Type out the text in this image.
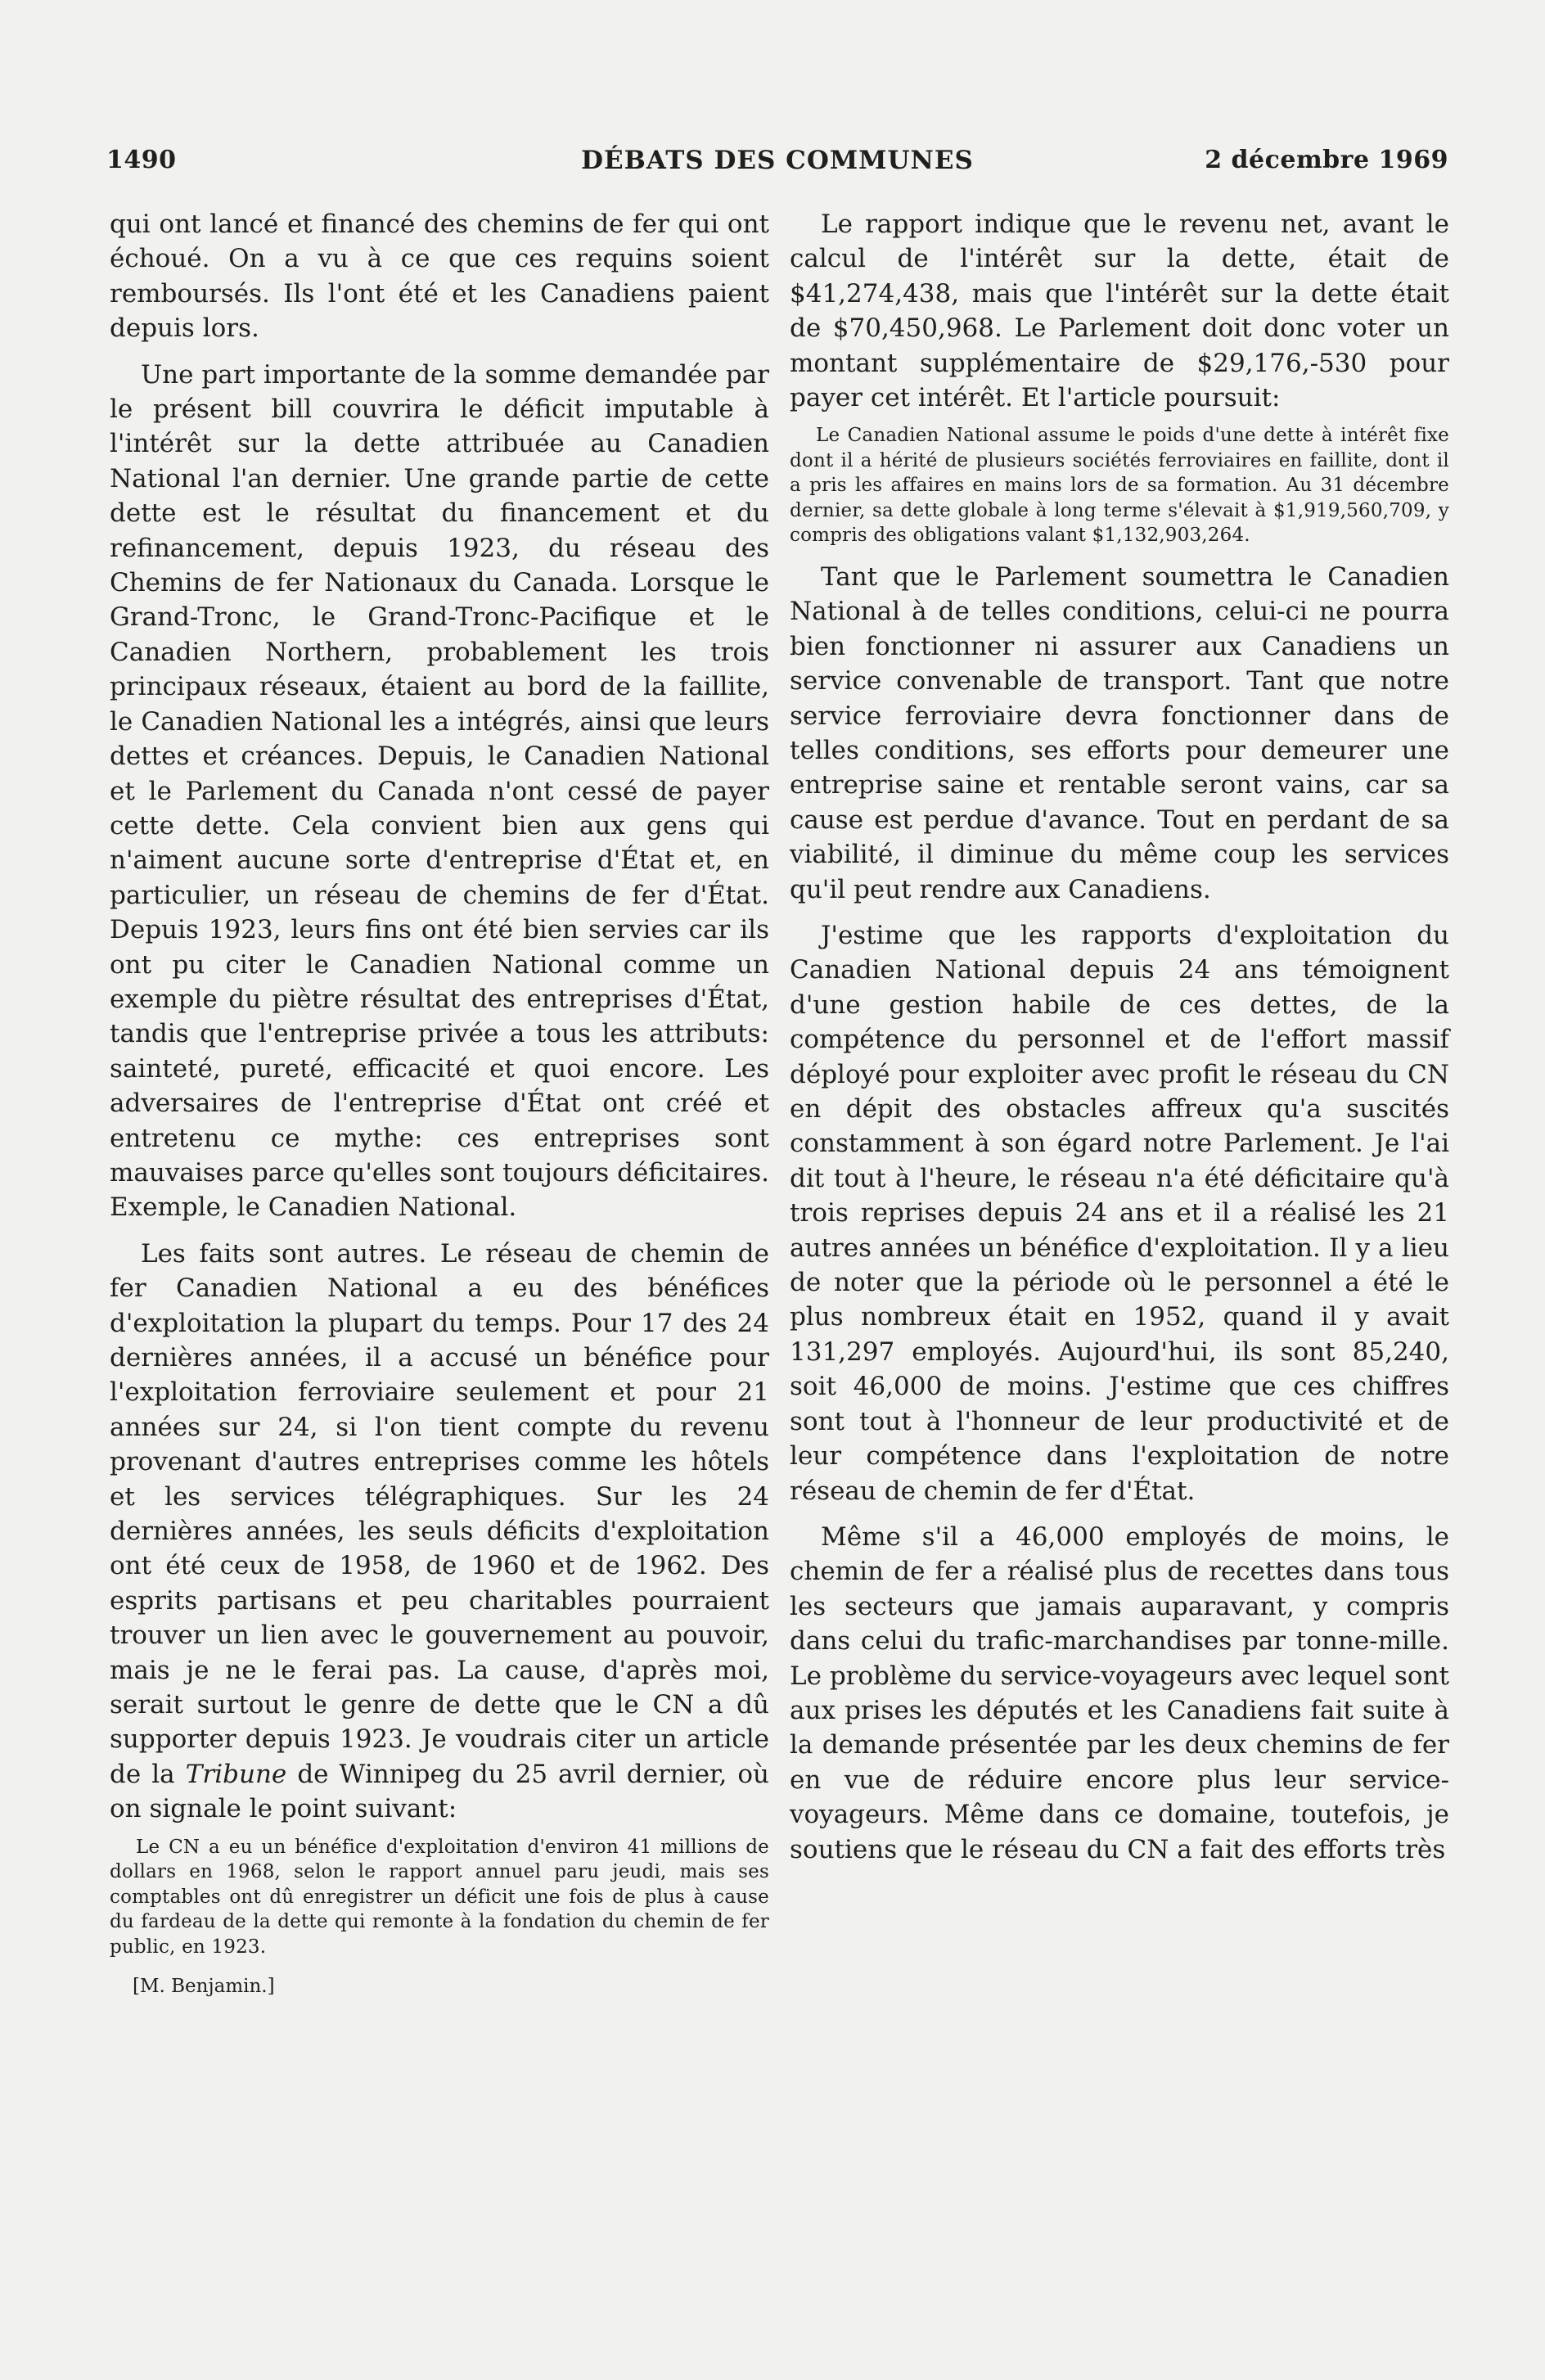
1490	DÉBATS DES COMMUNES	2 décembre 1969

qui ont lancé et financé des chemins de fer qui ont échoué. On a vu à ce que ces requins soient remboursés. Ils l'ont été et les Canadiens paient depuis lors.

Une part importante de la somme demandée par le présent bill couvrira le déficit imputable à l'intérêt sur la dette attribuée au Canadien National l'an dernier. Une grande partie de cette dette est le résultat du financement et du refinancement, depuis 1923, du réseau des Chemins de fer Nationaux du Canada. Lorsque le Grand-Tronc, le Grand-Tronc-Pacifique et le Canadien Northern, probablement les trois principaux réseaux, étaient au bord de la faillite, le Canadien National les a intégrés, ainsi que leurs dettes et créances. Depuis, le Canadien National et le Parlement du Canada n'ont cessé de payer cette dette. Cela convient bien aux gens qui n'aiment aucune sorte d'entreprise d'État et, en particulier, un réseau de chemins de fer d'État. Depuis 1923, leurs fins ont été bien servies car ils ont pu citer le Canadien National comme un exemple du piètre résultat des entreprises d'État, tandis que l'entreprise privée a tous les attributs: sainteté, pureté, efficacité et quoi encore. Les adversaires de l'entreprise d'État ont créé et entretenu ce mythe: ces entreprises sont mauvaises parce qu'elles sont toujours déficitaires. Exemple, le Canadien National.

Les faits sont autres. Le réseau de chemin de fer Canadien National a eu des bénéfices d'exploitation la plupart du temps. Pour 17 des 24 dernières années, il a accusé un bénéfice pour l'exploitation ferroviaire seulement et pour 21 années sur 24, si l'on tient compte du revenu provenant d'autres entreprises comme les hôtels et les services télégraphiques. Sur les 24 dernières années, les seuls déficits d'exploitation ont été ceux de 1958, de 1960 et de 1962. Des esprits partisans et peu charitables pourraient trouver un lien avec le gouvernement au pouvoir, mais je ne le ferai pas. La cause, d'après moi, serait surtout le genre de dette que le CN a dû supporter depuis 1923. Je voudrais citer un article de la Tribune de Winnipeg du 25 avril dernier, où on signale le point suivant:

Le CN a eu un bénéfice d'exploitation d'environ 41 millions de dollars en 1968, selon le rapport annuel paru jeudi, mais ses comptables ont dû enregistrer un déficit une fois de plus à cause du fardeau de la dette qui remonte à la fondation du chemin de fer public, en 1923.

[M. Benjamin.]

Le rapport indique que le revenu net, avant le calcul de l'intérêt sur la dette, était de $41,274,438, mais que l'intérêt sur la dette était de $70,450,968. Le Parlement doit donc voter un montant supplémentaire de $29,176,-530 pour payer cet intérêt. Et l'article poursuit:

Le Canadien National assume le poids d'une dette à intérêt fixe dont il a hérité de plusieurs sociétés ferroviaires en faillite, dont il a pris les affaires en mains lors de sa formation. Au 31 décembre dernier, sa dette globale à long terme s'élevait à $1,919,560,709, y compris des obligations valant $1,132,903,264.

Tant que le Parlement soumettra le Canadien National à de telles conditions, celui-ci ne pourra bien fonctionner ni assurer aux Canadiens un service convenable de transport. Tant que notre service ferroviaire devra fonctionner dans de telles conditions, ses efforts pour demeurer une entreprise saine et rentable seront vains, car sa cause est perdue d'avance. Tout en perdant de sa viabilité, il diminue du même coup les services qu'il peut rendre aux Canadiens.

J'estime que les rapports d'exploitation du Canadien National depuis 24 ans témoignent d'une gestion habile de ces dettes, de la compétence du personnel et de l'effort massif déployé pour exploiter avec profit le réseau du CN en dépit des obstacles affreux qu'a suscités constamment à son égard notre Parlement. Je l'ai dit tout à l'heure, le réseau n'a été déficitaire qu'à trois reprises depuis 24 ans et il a réalisé les 21 autres années un bénéfice d'exploitation. Il y a lieu de noter que la période où le personnel a été le plus nombreux était en 1952, quand il y avait 131,297 employés. Aujourd'hui, ils sont 85,240, soit 46,000 de moins. J'estime que ces chiffres sont tout à l'honneur de leur productivité et de leur compétence dans l'exploitation de notre réseau de chemin de fer d'État.

Même s'il a 46,000 employés de moins, le chemin de fer a réalisé plus de recettes dans tous les secteurs que jamais auparavant, y compris dans celui du trafic-marchandises par tonne-mille. Le problème du service-voyageurs avec lequel sont aux prises les députés et les Canadiens fait suite à la demande présentée par les deux chemins de fer en vue de réduire encore plus leur service-voyageurs. Même dans ce domaine, toutefois, je soutiens que le réseau du CN a fait des efforts très
